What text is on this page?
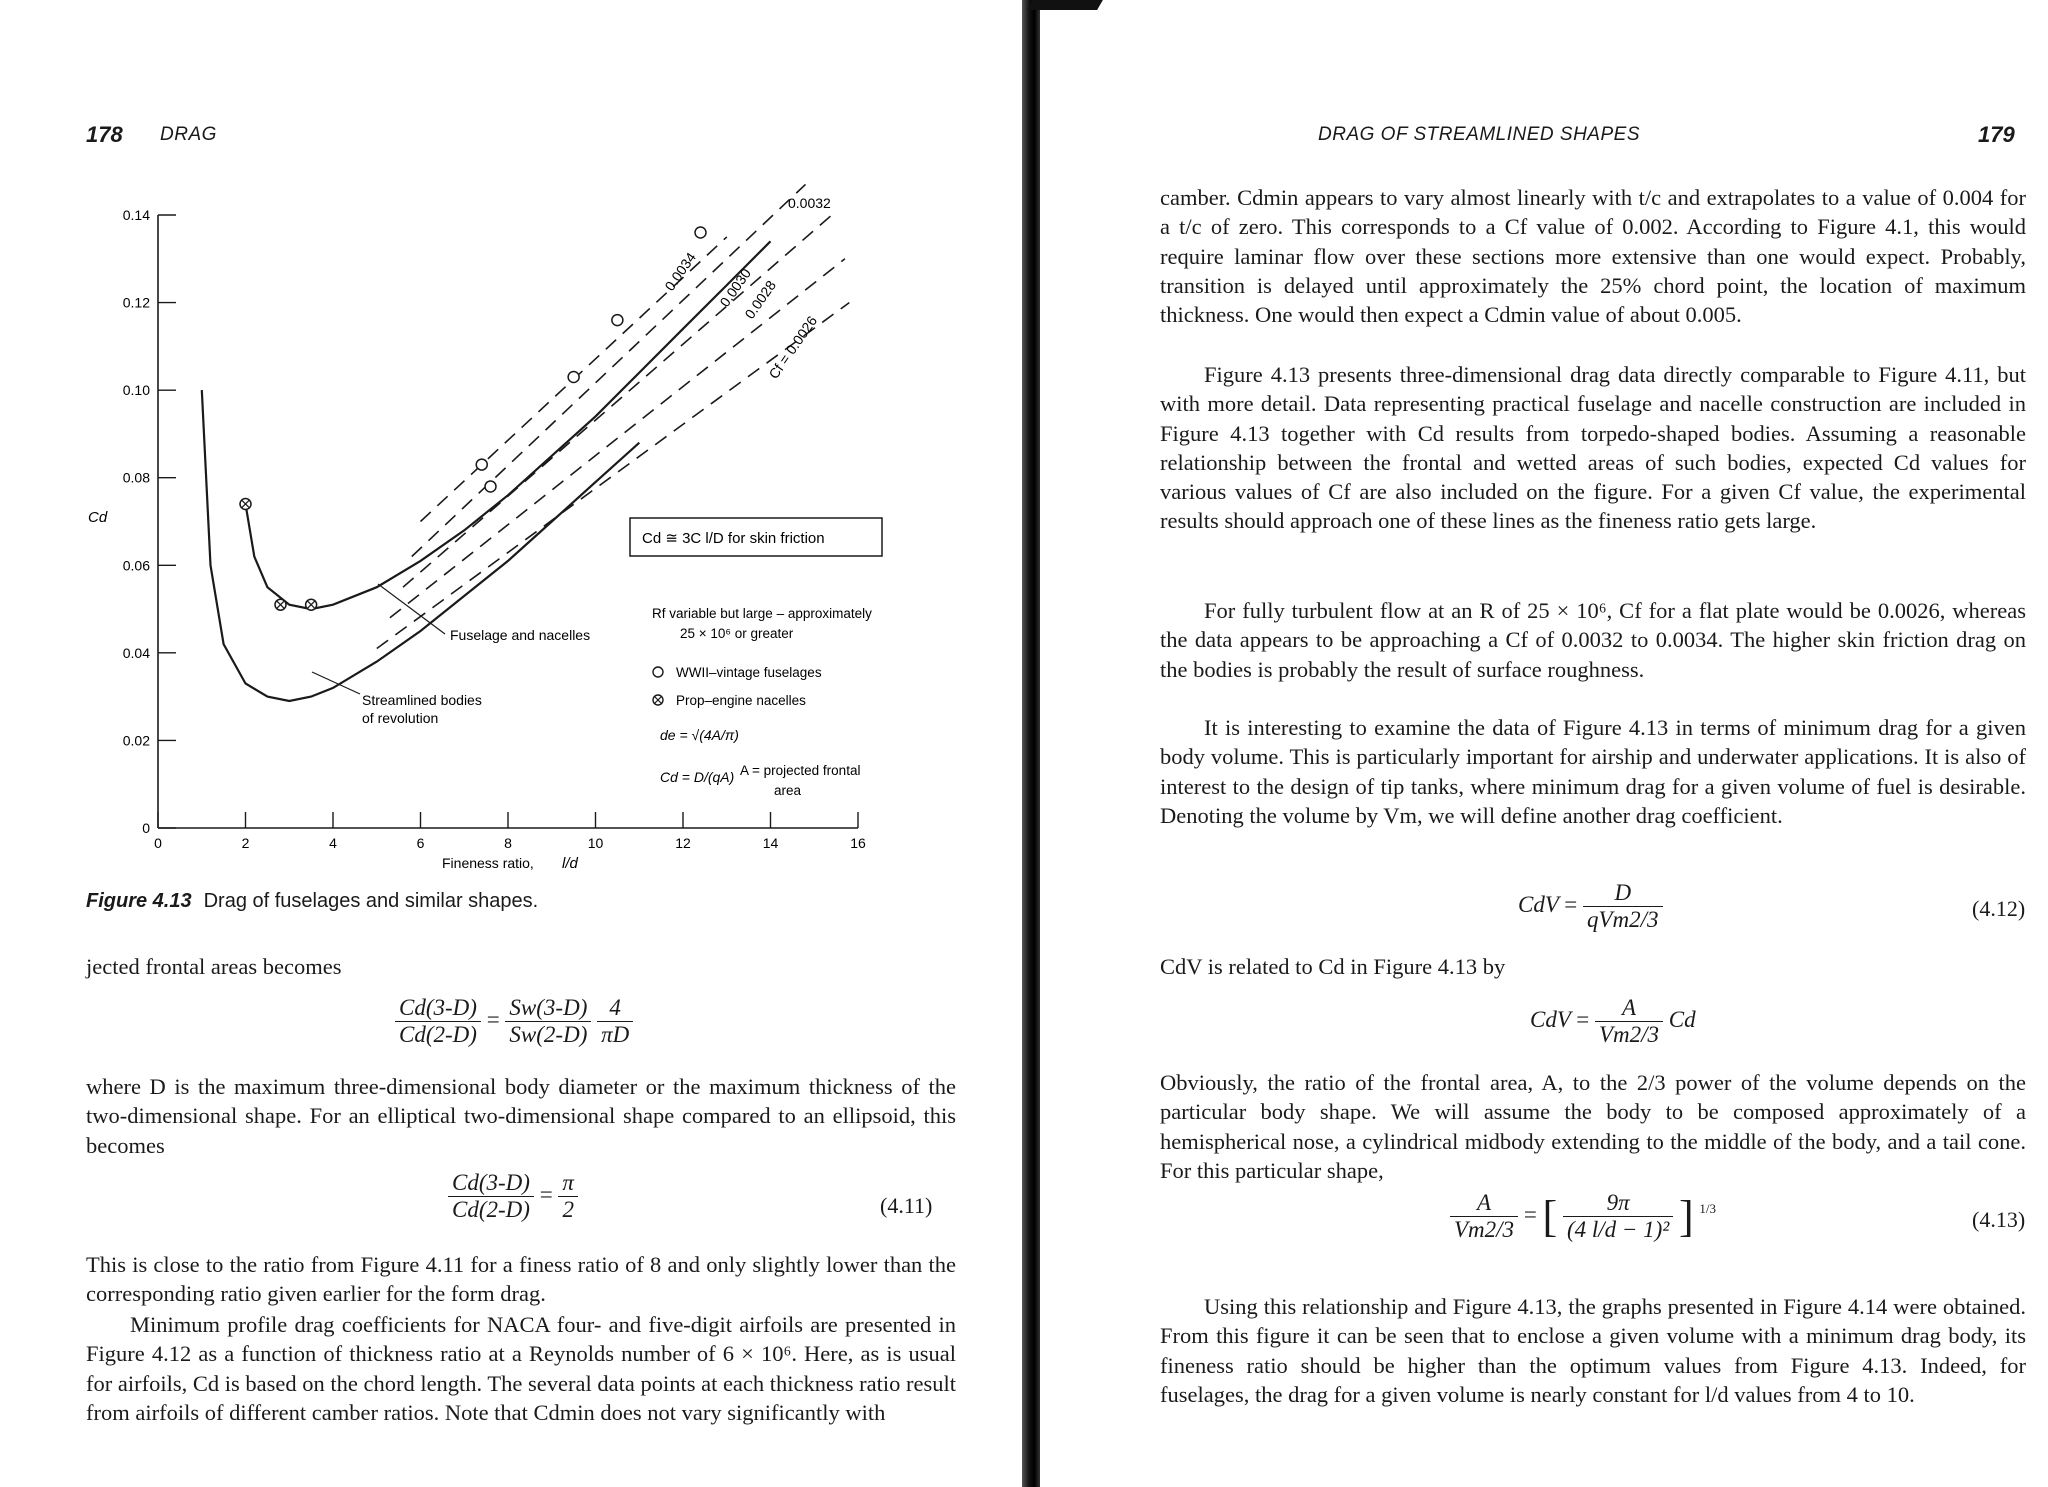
178 DRAG
0
0.02
0.04
0.06
0.08
0.10
0.12
0.14
0	2	4	6	8	10	12	14	16
Cd
Fineness ratio, l/d
0.0034
0.0032
0.0030
0.0028
Cf = 0.0026
Cd ≅ 3C l/D for skin friction
Rf variable but large – approximately
25 × 10⁶ or greater
WWII–vintage fuselages
Prop–engine nacelles
de = √(4A/π)
Cd = D/(qA) A = projected frontal
area
Fuselage and nacelles
Streamlined bodies
of revolution
Figure 4.13 Drag of fuselages and similar shapes.

jected frontal areas becomes

$\frac{Cd(3-D)}{Cd(2-D)} = \frac{Sw(3-D)}{Sw(2-D)}$
$\frac{4}{\pi D}$

where D is the maximum three-dimensional body diameter or the maximum thickness of the two-dimensional shape. For an elliptical two-dimensional shape compared to an ellipsoid, this becomes

$\frac{Cd(3-D)}{Cd(2-D)} = \frac{\pi}{2}$	(4.11)

This is close to the ratio from Figure 4.11 for a finess ratio of 8 and only slightly lower than the corresponding ratio given earlier for the form drag.

Minimum profile drag coefficients for NACA four- and five-digit airfoils are presented in Figure 4.12 as a function of thickness ratio at a Reynolds number of 6 × 10⁶. Here, as is usual for airfoils, Cd is based on the chord length. The several data points at each thickness ratio result from airfoils of different camber ratios. Note that Cdmin does not vary significantly with

DRAG OF STREAMLINED SHAPES	179

camber. Cdmin appears to vary almost linearly with t/c and extrapolates to a value of 0.004 for a t/c of zero. This corresponds to a Cf value of 0.002. According to Figure 4.1, this would require laminar flow over these sections more extensive than one would expect. Probably, transition is delayed until approximately the 25% chord point, the location of maximum thickness. One would then expect a Cdmin value of about 0.005.

Figure 4.13 presents three-dimensional drag data directly comparable to Figure 4.11, but with more detail. Data representing practical fuselage and nacelle construction are included in Figure 4.13 together with Cd results from torpedo-shaped bodies. Assuming a reasonable relationship between the frontal and wetted areas of such bodies, expected Cd values for various values of Cf are also included on the figure. For a given Cf value, the experimental results should approach one of these lines as the fineness ratio gets large.

For fully turbulent flow at an R of 25 × 10⁶, Cf for a flat plate would be 0.0026, whereas the data appears to be approaching a Cf of 0.0032 to 0.0034. The higher skin friction drag on the bodies is probably the result of surface roughness.

It is interesting to examine the data of Figure 4.13 in terms of minimum drag for a given body volume. This is particularly important for airship and underwater applications. It is also of interest to the design of tip tanks, where minimum drag for a given volume of fuel is desirable. Denoting the volume by Vm, we will define another drag coefficient.

CdV = $\frac{D}{\text{qVm2/3}}$	(4.12)

CdV is related to Cd in Figure 4.13 by

CdV = $\frac{A}{Vm2/3}$ Cd

Obviously, the ratio of the frontal area, A, to the 2/3 power of the volume depends on the particular body shape. We will assume the body to be composed approximately of a hemispherical nose, a cylindrical midbody extending to the middle of the body, and a tail cone. For this particular shape,

$\frac{A}{Vm2/3}$ = [ $\frac{9\pi}{\text{(4 l/d − 1)²}}$ ] $^{1/3}$	(4.13)

Using this relationship and Figure 4.13, the graphs presented in Figure 4.14 were obtained. From this figure it can be seen that to enclose a given volume with a minimum drag body, its fineness ratio should be higher than the optimum values from Figure 4.13. Indeed, for fuselages, the drag for a given volume is nearly constant for l/d values from 4 to 10.
